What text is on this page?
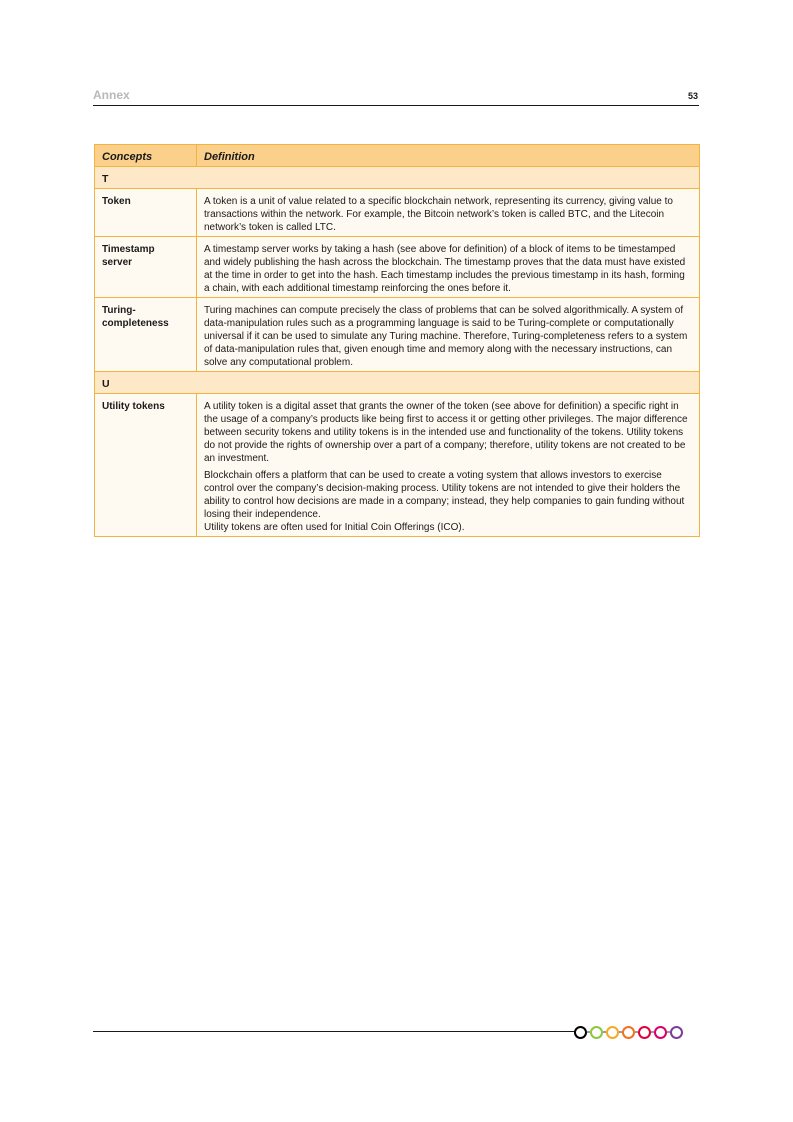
Annex	53
Concepts	Definition
T	
Token	A token is a unit of value related to a specific blockchain network, representing its currency, giving value to transactions within the network. For example, the Bitcoin network’s token is called BTC, and the Litecoin network’s token is called LTC.

Timestamp server	A timestamp server works by taking a hash (see above for definition) of a block of items to be timestamped and widely publishing the hash across the blockchain. The timestamp proves that the data must have existed at the time in order to get into the hash. Each timestamp includes the previous timestamp in its hash, forming a chain, with each additional timestamp reinforcing the ones before it.

Turing-completeness	Turing machines can compute precisely the class of problems that can be solved algorithmically. A system of data-manipulation rules such as a programming language is said to be Turing-complete or computationally universal if it can be used to simulate any Turing machine. Therefore, Turing-completeness refers to a system of data-manipulation rules that, given enough time and memory along with the necessary instructions, can solve any computational problem.

U	
Utility tokens	A utility token is a digital asset that grants the owner of the token (see above for definition) a specific right in the usage of a company’s products like being first to access it or getting other privileges. The major difference between security tokens and utility tokens is in the intended use and functionality of the tokens. Utility tokens do not provide the rights of ownership over a part of a company; therefore, utility tokens are not created to be an investment.

Blockchain offers a platform that can be used to create a voting system that allows investors to exercise control over the company’s decision-making process. Utility tokens are not intended to give their holders the ability to control how decisions are made in a company; instead, they help companies to gain funding without losing their independence.

Utility tokens are often used for Initial Coin Offerings (ICO).
